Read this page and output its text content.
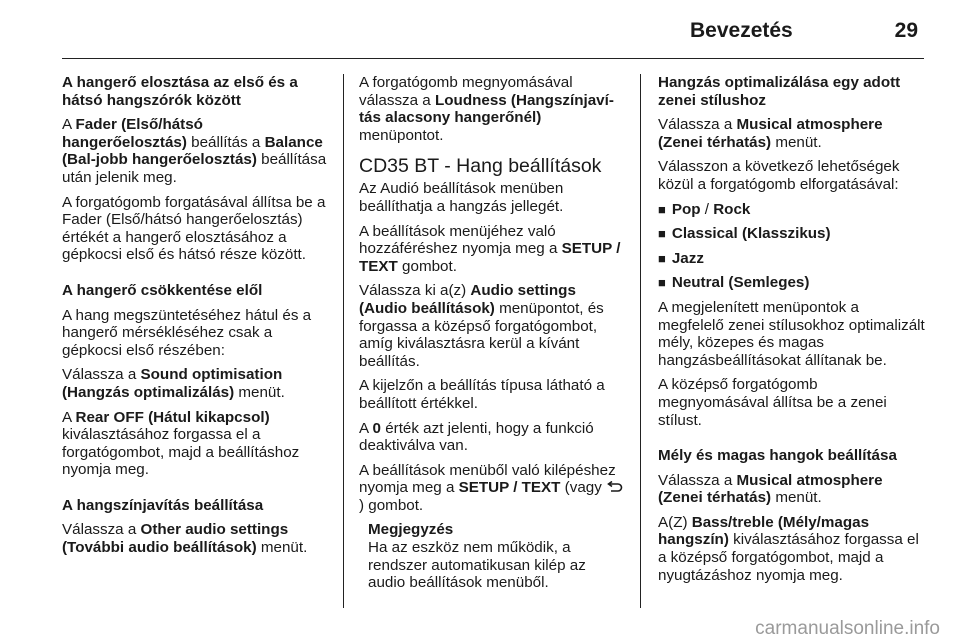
Bevezetés	29

A hangerő elosztása az első és a hátsó hangszórók között

A Fader (Első/hátsó hangerőelosztás) beállítás a Balance (Bal-jobb hangerőelosztás) beállítása után jelenik meg.

A forgatógomb forgatásával állítsa be a Fader (Első/hátsó hangerőelosztás) értékét a hangerő elosztásához a gépkocsi első és hátsó része között.

A hangerő csökkentése elől

A hang megszüntetéséhez hátul és a hangerő mérsékléséhez csak a gépkocsi első részében:

Válassza a Sound optimisation (Hangzás optimalizálás) menüt.

A Rear OFF (Hátul kikapcsol) kiválasztásához forgassa el a forgatógombot, majd a beállításhoz nyomja meg.

A hangszínjavítás beállítása

Válassza a Other audio settings (További audio beállítások) menüt.

A forgatógomb megnyomásával válassza a Loudness (Hangszínjavítás alacsony hangerőnél) menüpontot.

CD35 BT - Hang beállítások

Az Audió beállítások menüben beállíthatja a hangzás jellegét.

A beállítások menüjéhez való hozzáféréshez nyomja meg a SETUP / TEXT gombot.

Válassza ki a(z) Audio settings (Audio beállítások) menüpontot, és forgassa a középső forgatógombot, amíg kiválasztásra kerül a kívánt beállítás.

A kijelzőn a beállítás típusa látható a beállított értékkel.

A 0 érték azt jelenti, hogy a funkció deaktiválva van.

A beállítások menüből való kilépéshez nyomja meg a SETUP / TEXT (vagy ) gombot.

Megjegyzés

Ha az eszköz nem működik, a rendszer automatikusan kilép az audio beállítások menüből.

Hangzás optimalizálása egy adott zenei stílushoz

Válassza a Musical atmosphere (Zenei térhatás) menüt.

Válasszon a következő lehetőségek közül a forgatógomb elforgatásával:

■ Pop / Rock

■ Classical (Klasszikus)

■ Jazz

■ Neutral (Semleges)

A megjelenített menüpontok a megfelelő zenei stílusokhoz optimalizált mély, közepes és magas hangzásbeállításokat állítanak be.

A középső forgatógomb megnyomásával állítsa be a zenei stílust.

Mély és magas hangok beállítása

Válassza a Musical atmosphere (Zenei térhatás) menüt.

A(Z) Bass/treble (Mély/magas hangszín) kiválasztásához forgassa el a középső forgatógombot, majd a nyugtázáshoz nyomja meg.

carmanualsonline.info
